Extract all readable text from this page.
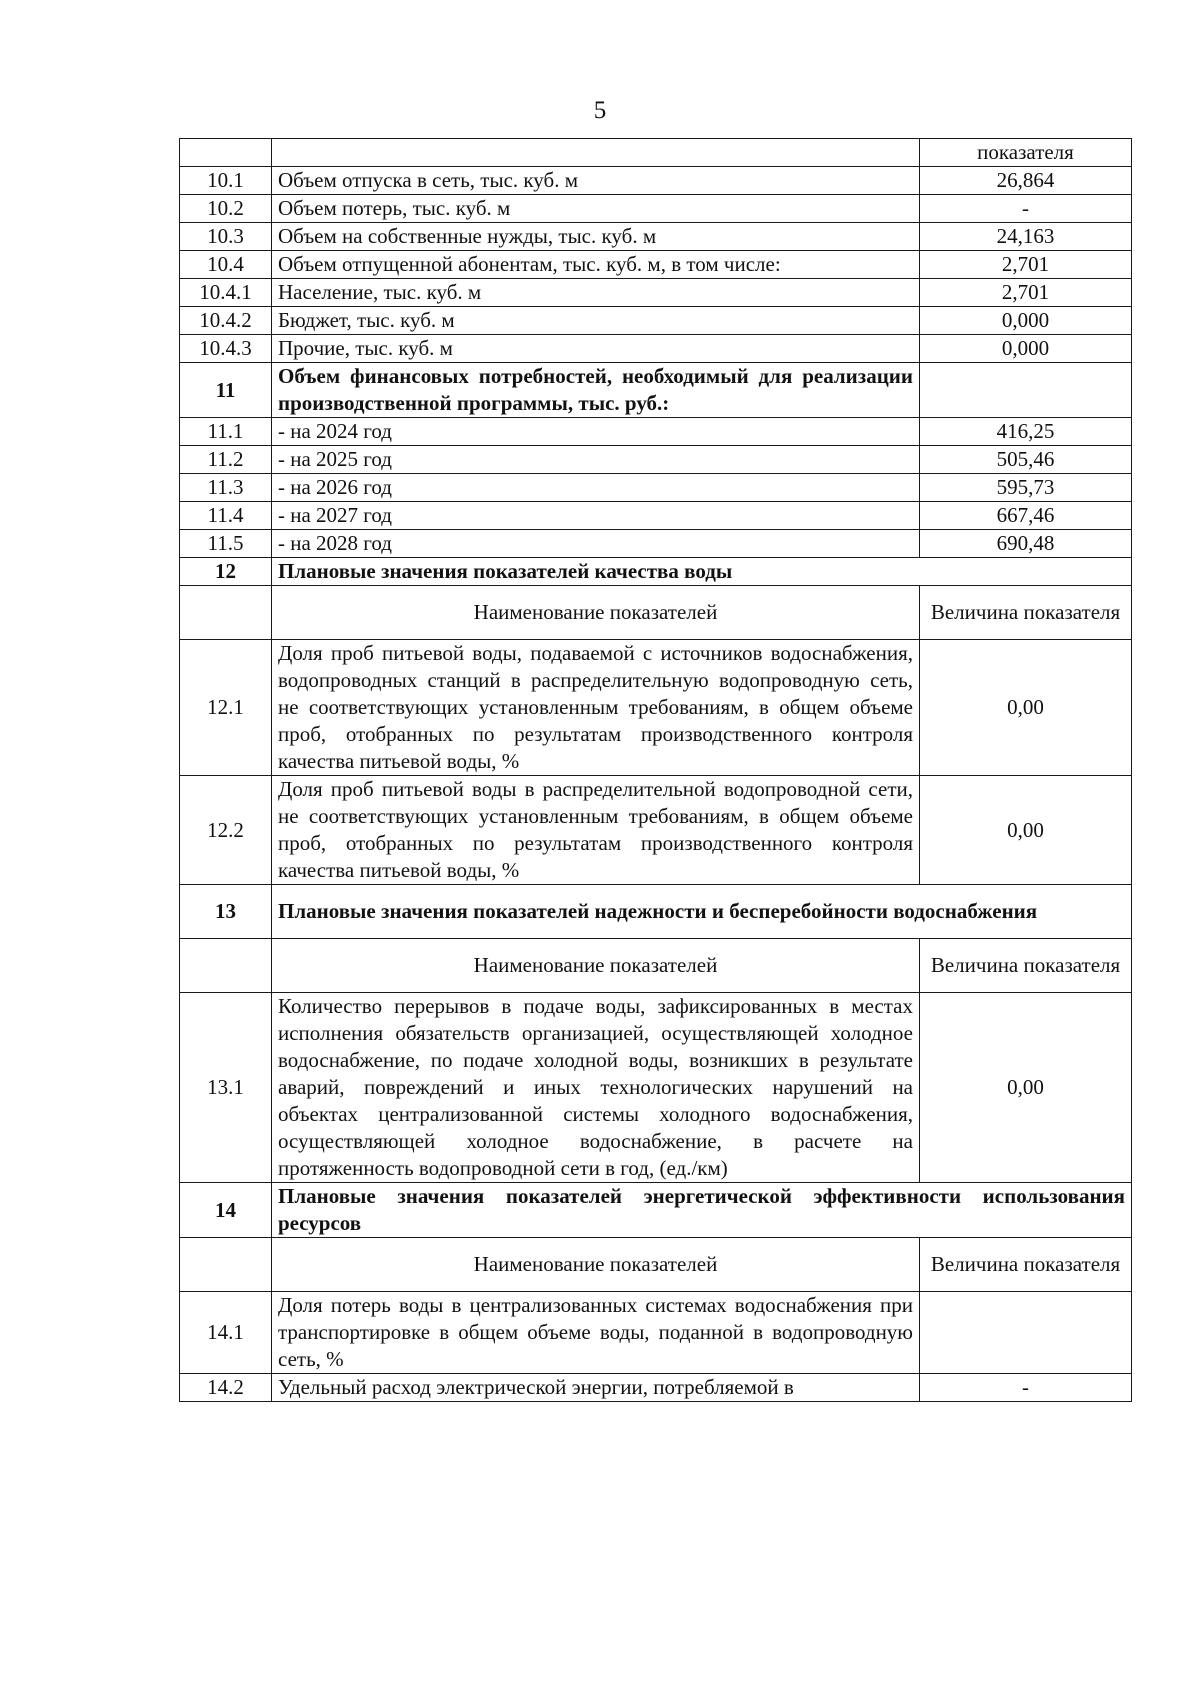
5
		показателя
10.1	Объем отпуска в сеть, тыс. куб. м	26,864
10.2	Объем потерь, тыс. куб. м	-
10.3	Объем на собственные нужды, тыс. куб. м	24,163
10.4	Объем отпущенной абонентам, тыс. куб. м, в том числе:	2,701
10.4.1	Население, тыс. куб. м	2,701
10.4.2	Бюджет, тыс. куб. м	0,000
10.4.3	Прочие, тыс. куб. м	0,000
11	Объем финансовых потребностей, необходимый для реализации производственной программы, тыс. руб.:	
11.1	- на 2024 год	416,25
11.2	- на 2025 год	505,46
11.3	- на 2026 год	595,73
11.4	- на 2027 год	667,46
11.5	- на 2028 год	690,48
12	Плановые значения показателей качества воды	
	Наименование показателей	Величина показателя
12.1	Доля проб питьевой воды, подаваемой с источников водоснабжения, водопроводных станций в распределительную водопроводную сеть, не соответствующих установленным требованиям, в общем объеме проб, отобранных по результатам производственного контроля качества питьевой воды, %	0,00
12.2	Доля проб питьевой воды в распределительной водопроводной сети, не соответствующих установленным требованиям, в общем объеме проб, отобранных по результатам производственного контроля качества питьевой воды, %	0,00
13	Плановые значения показателей надежности и бесперебойности водоснабжения	
	Наименование показателей	Величина показателя
13.1	Количество перерывов в подаче воды, зафиксированных в местах исполнения обязательств организацией, осуществляющей холодное водоснабжение, по подаче холодной воды, возникших в результате аварий, повреждений и иных технологических нарушений на объектах централизованной системы холодного водоснабжения, осуществляющей холодное водоснабжение, в расчете на протяженность водопроводной сети в год, (ед./км)	0,00
14	Плановые значения показателей энергетической эффективности использования ресурсов	
	Наименование показателей	Величина показателя
14.1	Доля потерь воды в централизованных системах водоснабжения при транспортировке в общем объеме воды, поданной в водопроводную сеть, %	
14.2	Удельный расход электрической энергии, потребляемой в	-
